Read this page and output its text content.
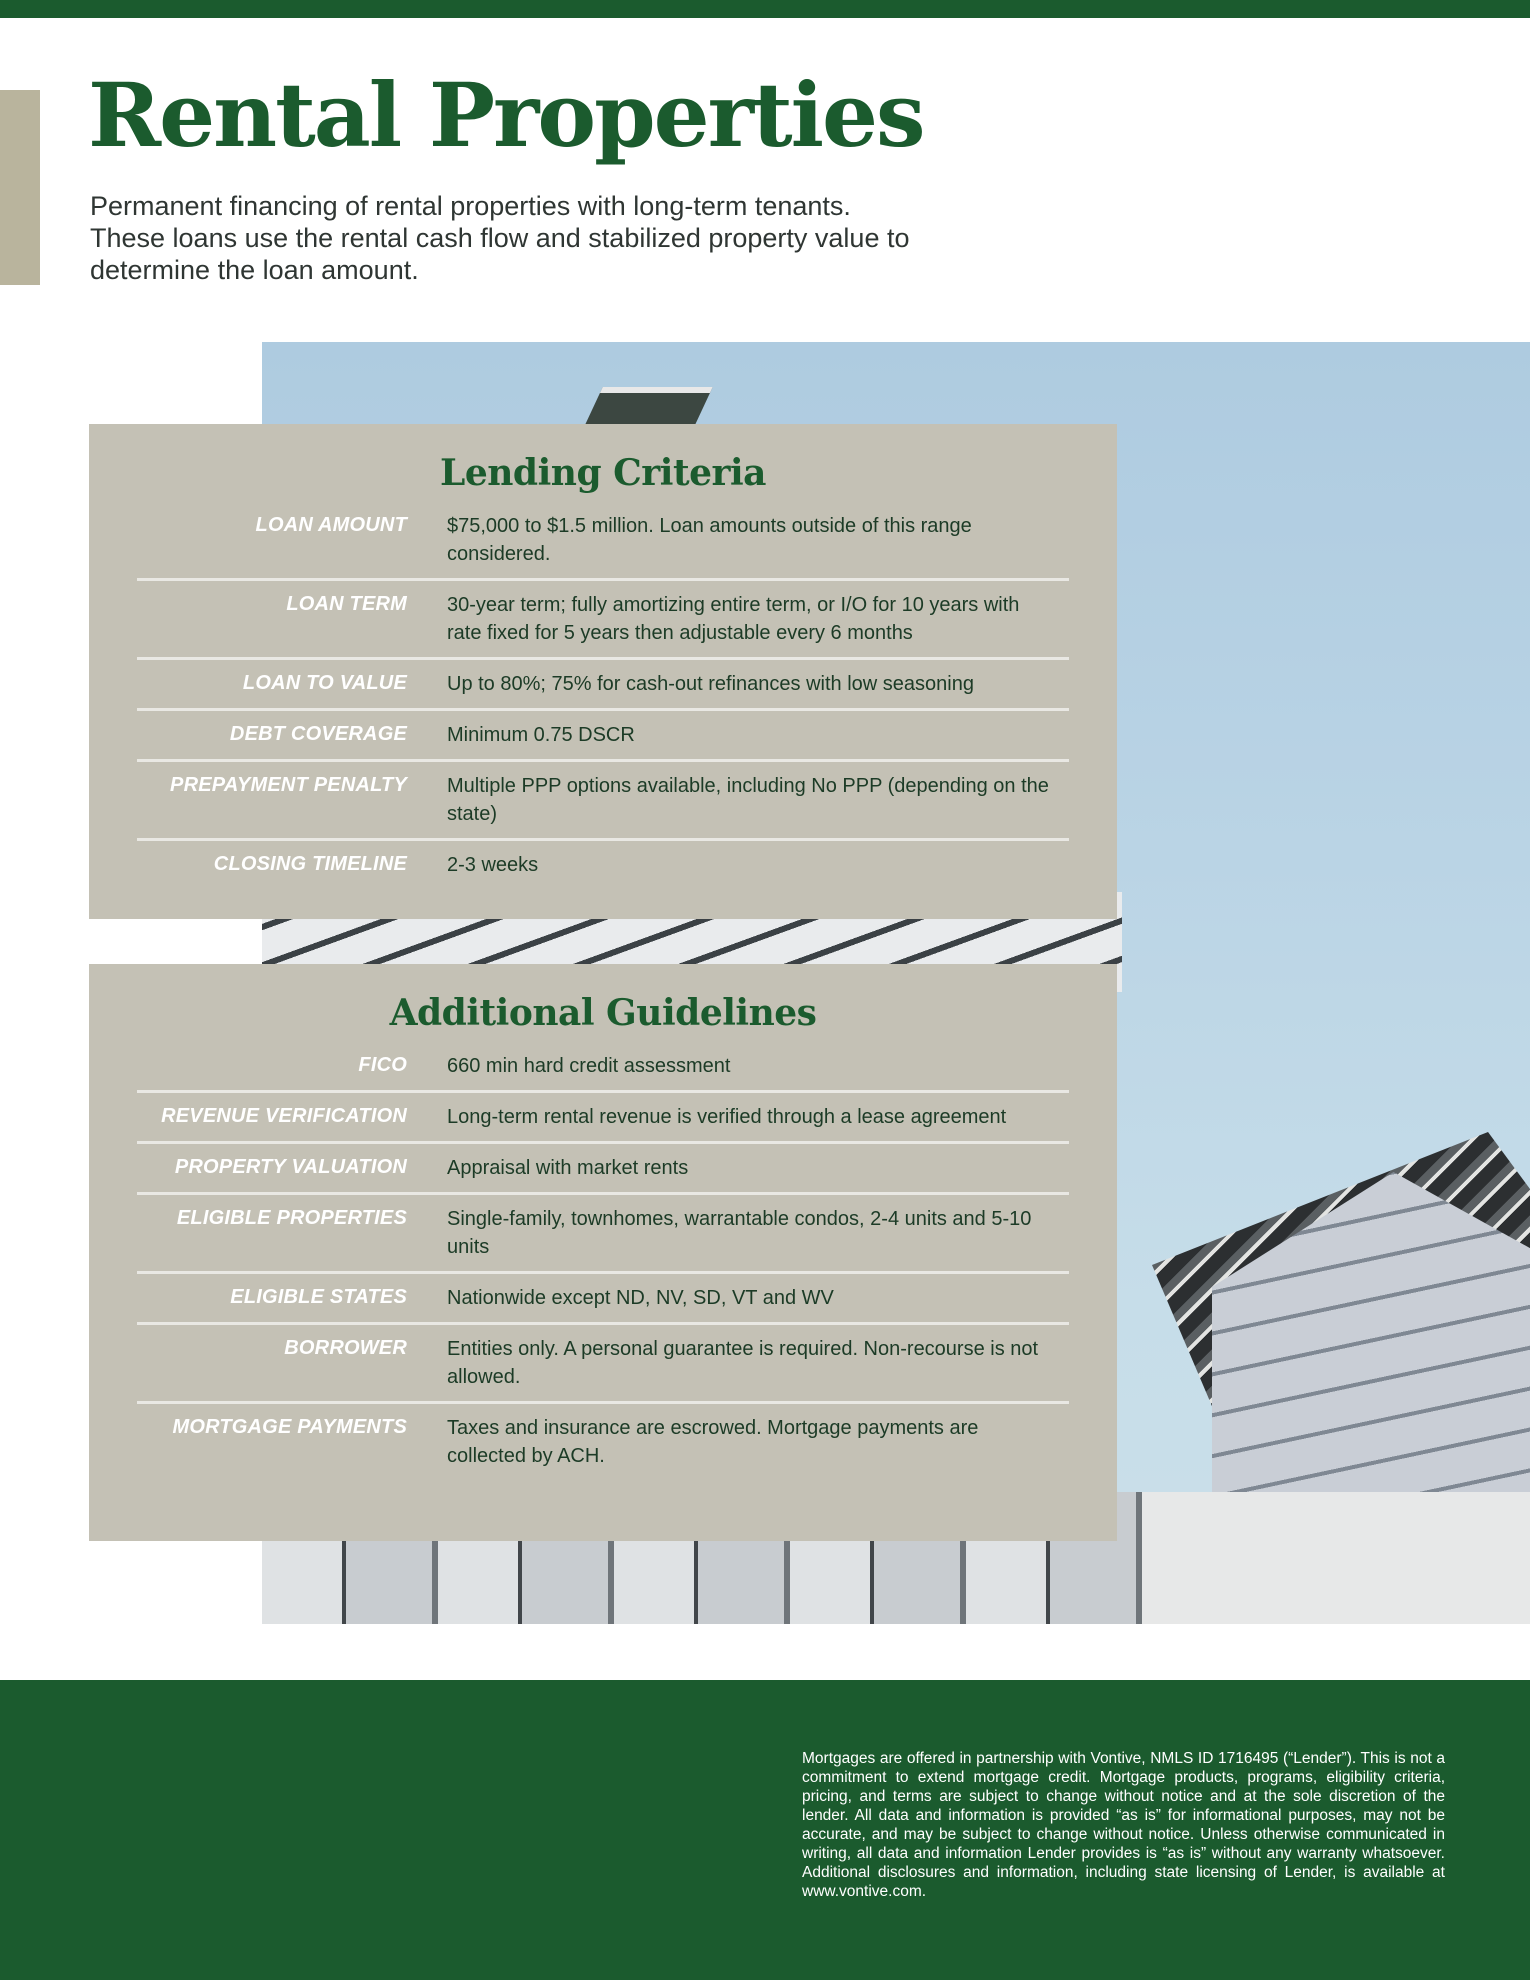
Rental Properties

Permanent financing of rental properties with long-term tenants. These loans use the rental cash flow and stabilized property value to determine the loan amount.

Lending Criteria
LOAN AMOUNT	$75,000 to $1.5 million. Loan amounts outside of this range considered.
LOAN TERM	30-year term; fully amortizing entire term, or I/O for 10 years with rate fixed for 5 years then adjustable every 6 months
LOAN TO VALUE	Up to 80%; 75% for cash-out refinances with low seasoning
DEBT COVERAGE	Minimum 0.75 DSCR
PREPAYMENT PENALTY	Multiple PPP options available, including No PPP (depending on the state)
CLOSING TIMELINE	2-3 weeks
Additional Guidelines
FICO	660 min hard credit assessment
REVENUE VERIFICATION	Long-term rental revenue is verified through a lease agreement
PROPERTY VALUATION	Appraisal with market rents
ELIGIBLE PROPERTIES	Single-family, townhomes, warrantable condos, 2-4 units and 5-10 units
ELIGIBLE STATES	Nationwide except ND, NV, SD, VT and WV
BORROWER	Entities only. A personal guarantee is required. Non-recourse is not allowed.
MORTGAGE PAYMENTS	Taxes and insurance are escrowed. Mortgage payments are collected by ACH.

Mortgages are offered in partnership with Vontive, NMLS ID 1716495 (“Lender”). This is not a commitment to extend mortgage credit. Mortgage products, programs, eligibility criteria, pricing, and terms are subject to change without notice and at the sole discretion of the lender. All data and information is provided “as is” for informational purposes, may not be accurate, and may be subject to change without notice. Unless otherwise communicated in writing, all data and information Lender provides is “as is” without any warranty whatsoever. Additional disclosures and information, including state licensing of Lender, is available at www.vontive.com.
